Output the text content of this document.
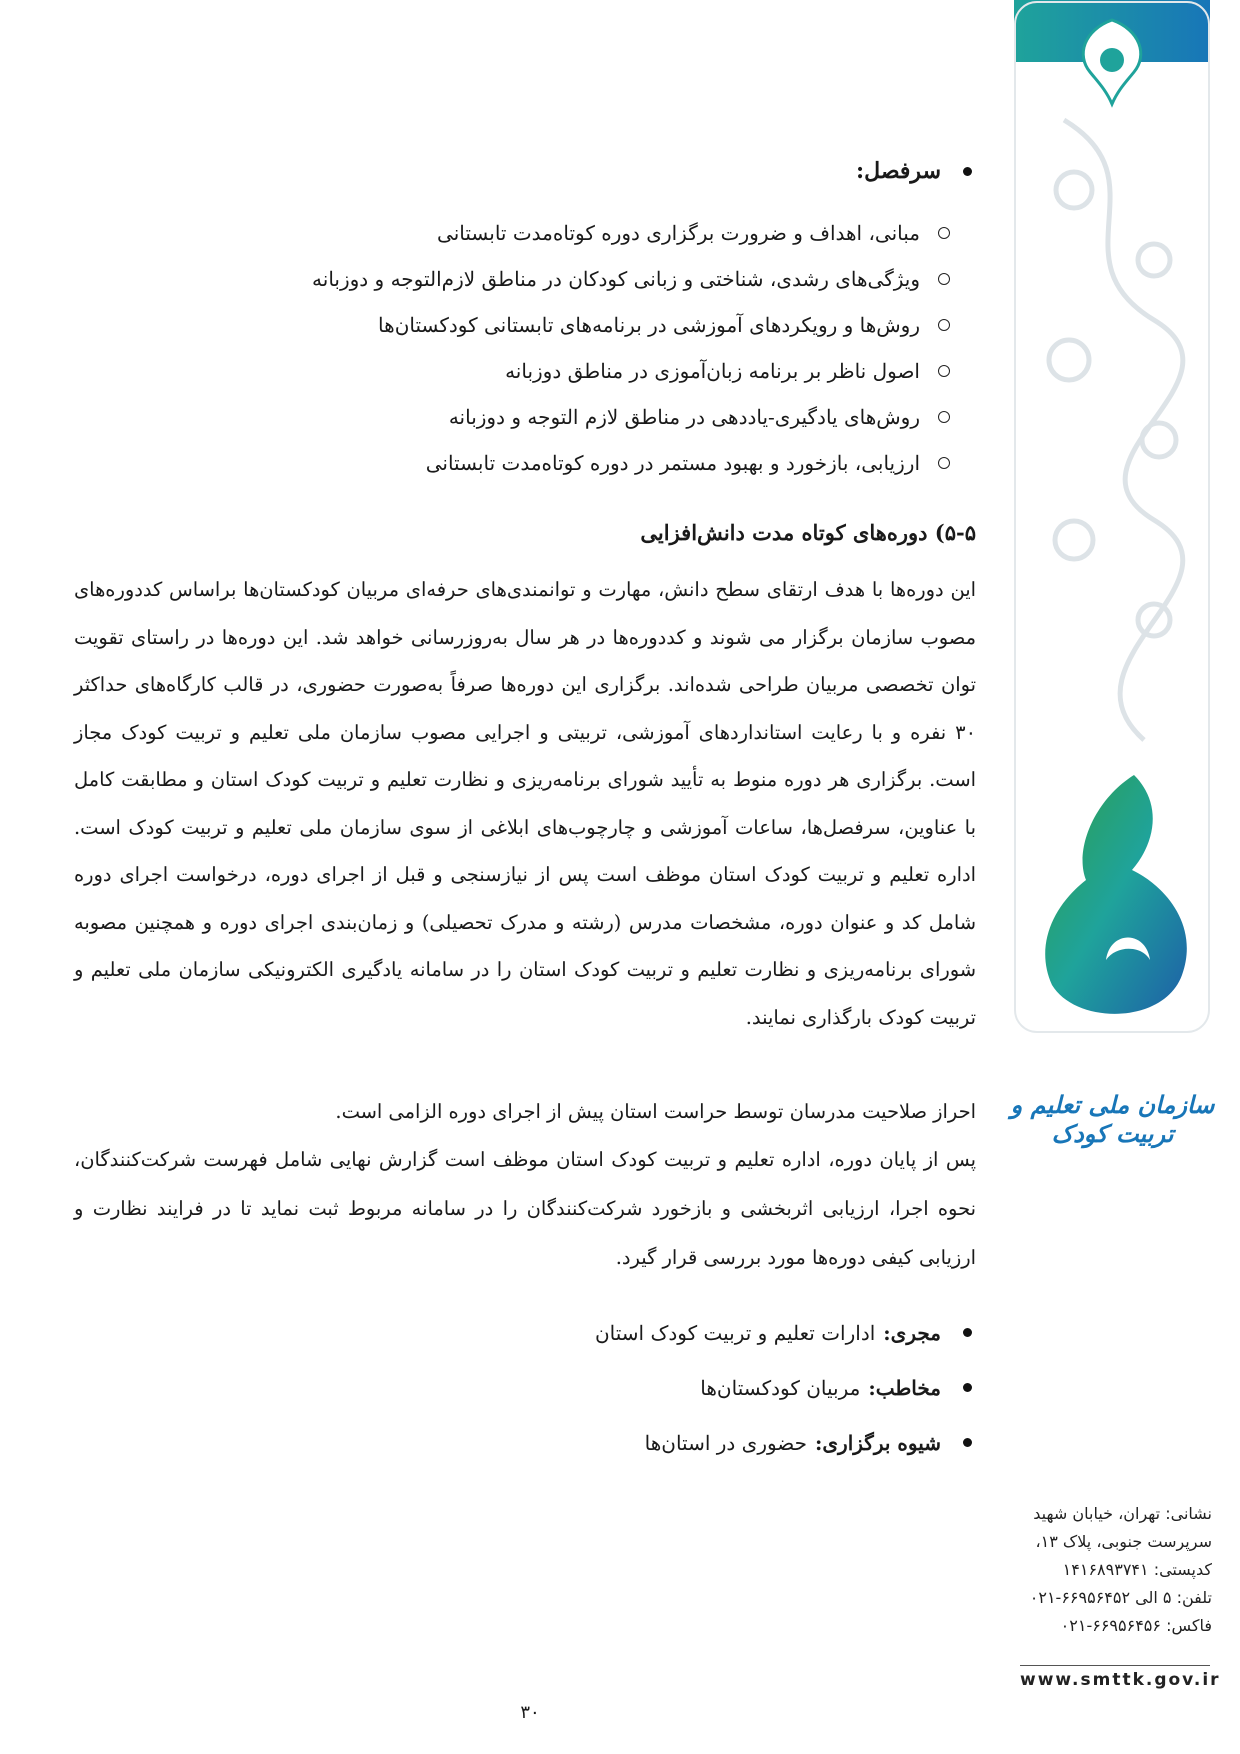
سرفصل:
مبانی، اهداف و ضرورت برگزاری دوره کوتاه‌مدت تابستانی
ویژگی‌های رشدی، شناختی و زبانی کودکان در مناطق لازم‌التوجه و دوزبانه
روش‌ها و رویکردهای آموزشی در برنامه‌های تابستانی کودکستان‌ها
اصول ناظر بر برنامه زبان‌آموزی در مناطق دوزبانه
روش‌های یادگیری-یاددهی در مناطق لازم التوجه و دوزبانه
ارزیابی، بازخورد و بهبود مستمر در دوره کوتاه‌مدت تابستانی
۵-۵) دوره‌های کوتاه مدت دانش‌افزایی

این دوره‌ها با هدف ارتقای سطح دانش، مهارت و توانمندی‌های حرفه‌ای مربیان کودکستان‌ها براساس کددوره‌های مصوب سازمان برگزار می شوند و کددوره‌ها در هر سال به‌روزرسانی خواهد شد. این دوره‌ها در راستای تقویت توان تخصصی مربیان طراحی شده‌اند. برگزاری این دوره‌ها صرفاً به‌صورت حضوری، در قالب کارگاه‌های حداکثر ۳۰ نفره و با رعایت استانداردهای آموزشی، تربیتی و اجرایی مصوب سازمان ملی تعلیم و تربیت کودک مجاز است. برگزاری هر دوره منوط به تأیید شورای برنامه‌ریزی و نظارت تعلیم و تربیت کودک استان و مطابقت کامل با عناوین، سرفصل‌ها، ساعات آموزشی و چارچوب‌های ابلاغی از سوی سازمان ملی تعلیم و تربیت کودک است. اداره تعلیم و تربیت کودک استان موظف است پس از نیازسنجی و قبل از اجرای دوره، درخواست اجرای دوره شامل کد و عنوان دوره، مشخصات مدرس (رشته و مدرک تحصیلی) و زمان‌بندی اجرای دوره و همچنین مصوبه شورای برنامه‌ریزی و نظارت تعلیم و تربیت کودک استان را در سامانه یادگیری الکترونیکی سازمان ملی تعلیم و تربیت کودک بارگذاری نمایند.

احراز صلاحیت مدرسان توسط حراست استان پیش از اجرای دوره الزامی است.

پس از پایان دوره، اداره تعلیم و تربیت کودک استان موظف است گزارش نهایی شامل فهرست شرکت‌کنندگان، نحوه اجرا، ارزیابی اثربخشی و بازخورد شرکت‌کنندگان را در سامانه مربوط ثبت نماید تا در فرایند نظارت و ارزیابی کیفی دوره‌ها مورد بررسی قرار گیرد.

مجری:
ادارات تعلیم و تربیت کودک استان
مخاطب:
مربیان کودکستان‌ها
شیوه برگزاری:
حضوری در استان‌ها
۳۰
سازمان ملی تعلیم و تربیت کودک
نشانی: تهران، خیابان شهید
سرپرست جنوبی، پلاک ۱۳،
کدپستی: ۱۴۱۶۸۹۳۷۴۱
تلفن: ۵ الی ۶۶۹۵۶۴۵۲-۰۲۱
فاکس: ۶۶۹۵۶۴۵۶-۰۲۱
www.smttk.gov.ir
